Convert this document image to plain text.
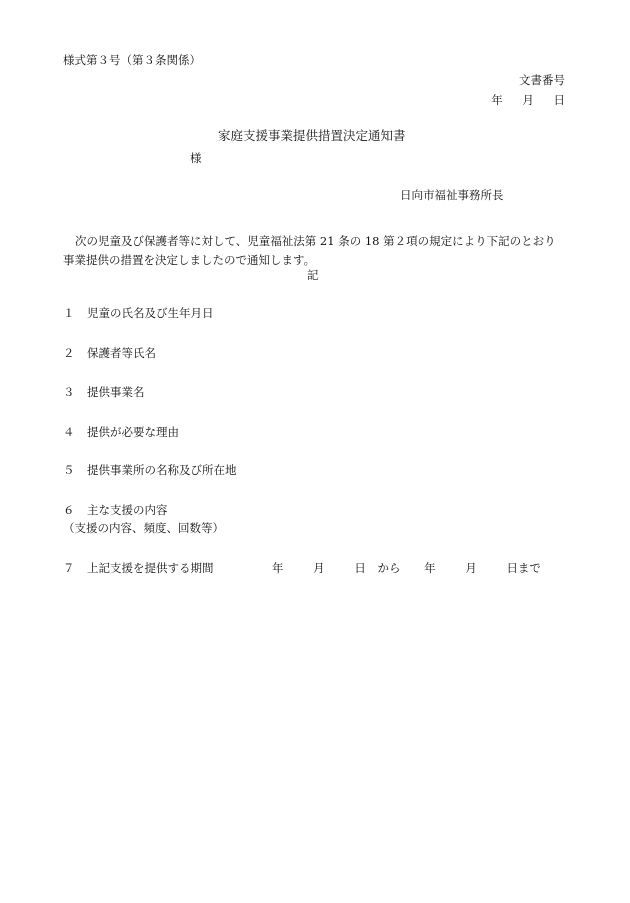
様式第３号（第３条関係）
文書番号
年 月 日
家庭支援事業提供措置決定通知書
様
日向市福祉事務所長

次の児童及び保護者等に対して、児童福祉法第 21 条の 18 第２項の規定により下記のとおり

事業提供の措置を決定しましたので通知します。

記
１ 児童の氏名及び生年月日
２ 保護者等氏名
３ 提供事業名
４ 提供が必要な理由
５ 提供事業所の名称及び所在地
６ 主な支援の内容
（支援の内容、頻度、回数等）
７ 上記支援を提供する期間	年	月	日 から 年	月	日まで
